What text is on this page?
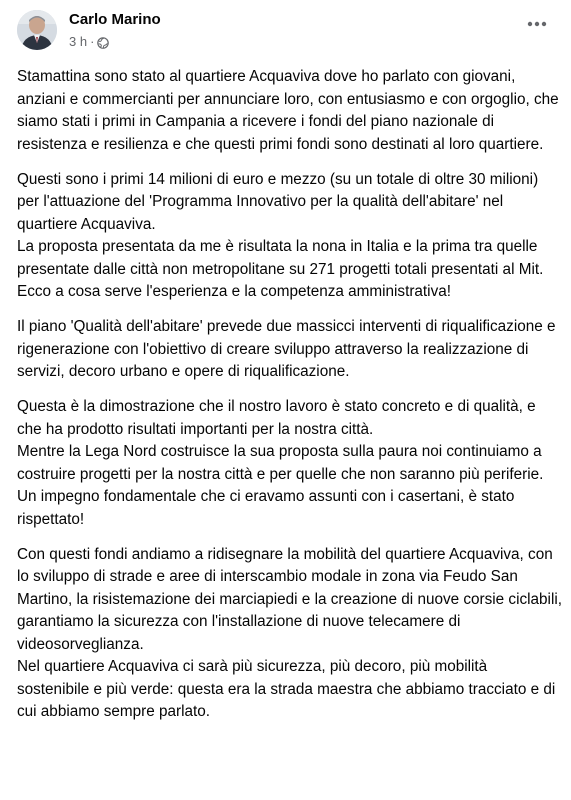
Carlo Marino
3 h ·

Stamattina sono stato al quartiere Acquaviva dove ho parlato con giovani, anziani e commercianti per annunciare loro, con entusiasmo e con orgoglio, che siamo stati i primi in Campania a ricevere i fondi del piano nazionale di resistenza e resilienza e che questi primi fondi sono destinati al loro quartiere.

Questi sono i primi 14 milioni di euro e mezzo (su un totale di oltre 30 milioni) per l'attuazione del 'Programma Innovativo per la qualità dell'abitare' nel quartiere Acquaviva.
La proposta presentata da me è risultata la nona in Italia e la prima tra quelle presentate dalle città non metropolitane su 271 progetti totali presentati al Mit.
Ecco a cosa serve l'esperienza e la competenza amministrativa!

Il piano 'Qualità dell'abitare' prevede due massicci interventi di riqualificazione e rigenerazione con l'obiettivo di creare sviluppo attraverso la realizzazione di servizi, decoro urbano e opere di riqualificazione.

Questa è la dimostrazione che il nostro lavoro è stato concreto e di qualità, e che ha prodotto risultati importanti per la nostra città.
Mentre la Lega Nord costruisce la sua proposta sulla paura noi continuiamo a costruire progetti per la nostra città e per quelle che non saranno più periferie.
Un impegno fondamentale che ci eravamo assunti con i casertani, è stato rispettato!

Con questi fondi andiamo a ridisegnare la mobilità del quartiere Acquaviva, con lo sviluppo di strade e aree di interscambio modale in zona via Feudo San Martino, la risistemazione dei marciapiedi e la creazione di nuove corsie ciclabili, garantiamo la sicurezza con l'installazione di nuove telecamere di videosorveglianza.
Nel quartiere Acquaviva ci sarà più sicurezza, più decoro, più mobilità sostenibile e più verde: questa era la strada maestra che abbiamo tracciato e di cui abbiamo sempre parlato.
